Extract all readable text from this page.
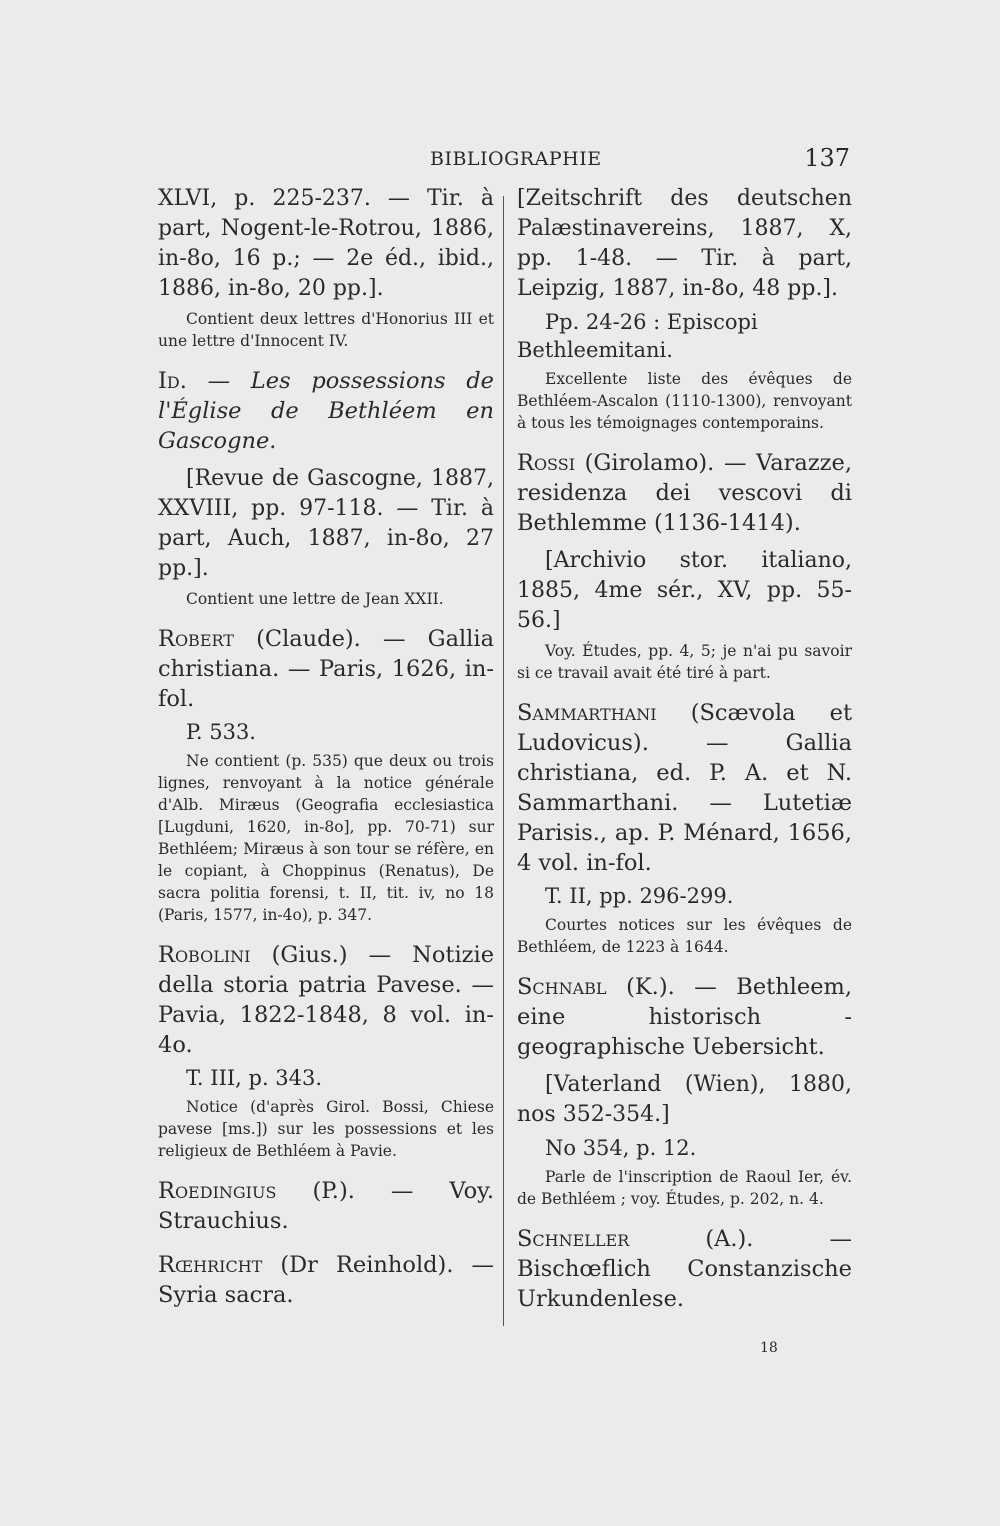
BIBLIOGRAPHIE	137

XLVI, p. 225-237. — Tir. à part, Nogent-le-Rotrou, 1886, in-8o, 16 p.; — 2e éd., ibid., 1886, in-8o, 20 pp.].

Contient deux lettres d'Honorius III et une lettre d'Innocent IV.

Id. — Les possessions de l'Église de Bethléem en Gascogne.

[Revue de Gascogne, 1887, XXVIII, pp. 97-118. — Tir. à part, Auch, 1887, in-8o, 27 pp.].

Contient une lettre de Jean XXII.

Robert (Claude). — Gallia christiana. — Paris, 1626, in-fol.

P. 533.

Ne contient (p. 535) que deux ou trois lignes, renvoyant à la notice générale d'Alb. Miræus (Geografia ecclesiastica [Lugduni, 1620, in-8o], pp. 70-71) sur Bethléem; Miræus à son tour se réfère, en le copiant, à Choppinus (Renatus), De sacra politia forensi, t. II, tit. iv, no 18 (Paris, 1577, in-4o), p. 347.

Robolini (Gius.) — Notizie della storia patria Pavese. — Pavia, 1822-1848, 8 vol. in-4o.

T. III, p. 343.

Notice (d'après Girol. Bossi, Chiese pavese [ms.]) sur les possessions et les religieux de Bethléem à Pavie.

Roedingius (P.). — Voy. Strauchius.

Rœhricht (Dr Reinhold). — Syria sacra.

[Zeitschrift des deutschen Palæstinavereins, 1887, X, pp. 1-48. — Tir. à part, Leipzig, 1887, in-8o, 48 pp.].

Pp. 24-26 : Episcopi Bethleemitani.

Excellente liste des évêques de Bethléem-Ascalon (1110-1300), renvoyant à tous les témoignages contemporains.

Rossi (Girolamo). — Varazze, residenza dei vescovi di Bethlemme (1136-1414).

[Archivio stor. italiano, 1885, 4me sér., XV, pp. 55-56.]

Voy. Études, pp. 4, 5; je n'ai pu savoir si ce travail avait été tiré à part.

Sammarthani (Scævola et Ludovicus). — Gallia christiana, ed. P. A. et N. Sammarthani. — Lutetiæ Parisis., ap. P. Ménard, 1656, 4 vol. in-fol.

T. II, pp. 296-299.

Courtes notices sur les évêques de Bethléem, de 1223 à 1644.

Schnabl (K.). — Bethleem, eine historisch - geographische Uebersicht.

[Vaterland (Wien), 1880, nos 352-354.]

No 354, p. 12.

Parle de l'inscription de Raoul Ier, év. de Bethléem ; voy. Études, p. 202, n. 4.

Schneller	(A.). — Bischœflich Constanzische Urkundenlese.

18
